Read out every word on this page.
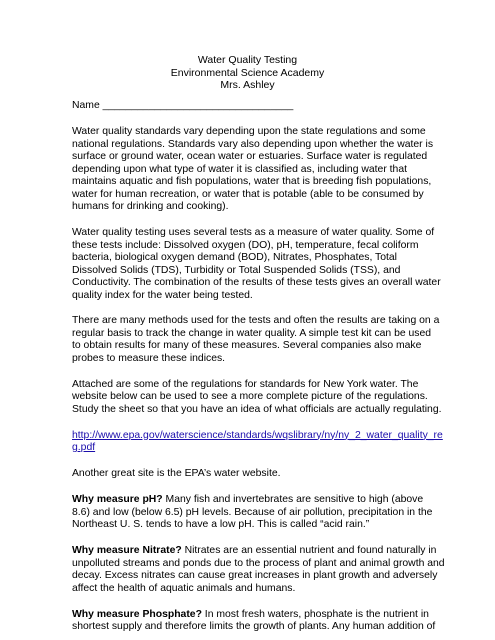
Water Quality Testing
Environmental Science Academy
Mrs. Ashley
Name _________________________________
Water quality standards vary depending upon the state regulations and some
national regulations. Standards vary also depending upon whether the water is
surface or ground water, ocean water or estuaries. Surface water is regulated
depending upon what type of water it is classified as, including water that
maintains aquatic and fish populations, water that is breeding fish populations,
water for human recreation, or water that is potable (able to be consumed by
humans for drinking and cooking).
Water quality testing uses several tests as a measure of water quality. Some of
these tests include: Dissolved oxygen (DO), pH, temperature, fecal coliform
bacteria, biological oxygen demand (BOD), Nitrates, Phosphates, Total
Dissolved Solids (TDS), Turbidity or Total Suspended Solids (TSS), and
Conductivity. The combination of the results of these tests gives an overall water
quality index for the water being tested.
There are many methods used for the tests and often the results are taking on a
regular basis to track the change in water quality. A simple test kit can be used
to obtain results for many of these measures. Several companies also make
probes to measure these indices.
Attached are some of the regulations for standards for New York water. The
website below can be used to see a more complete picture of the regulations.
Study the sheet so that you have an idea of what officials are actually regulating.
http://www.epa.gov/waterscience/standards/wqslibrary/ny/ny_2_water_quality_re
g.pdf
Another great site is the EPA’s water website.
Why measure pH? Many fish and invertebrates are sensitive to high (above
8.6) and low (below 6.5) pH levels. Because of air pollution, precipitation in the
Northeast U. S. tends to have a low pH. This is called “acid rain.”
Why measure Nitrate? Nitrates are an essential nutrient and found naturally in
unpolluted streams and ponds due to the process of plant and animal growth and
decay. Excess nitrates can cause great increases in plant growth and adversely
affect the health of aquatic animals and humans.
Why measure Phosphate? In most fresh waters, phosphate is the nutrient in
shortest supply and therefore limits the growth of plants. Any human addition of
